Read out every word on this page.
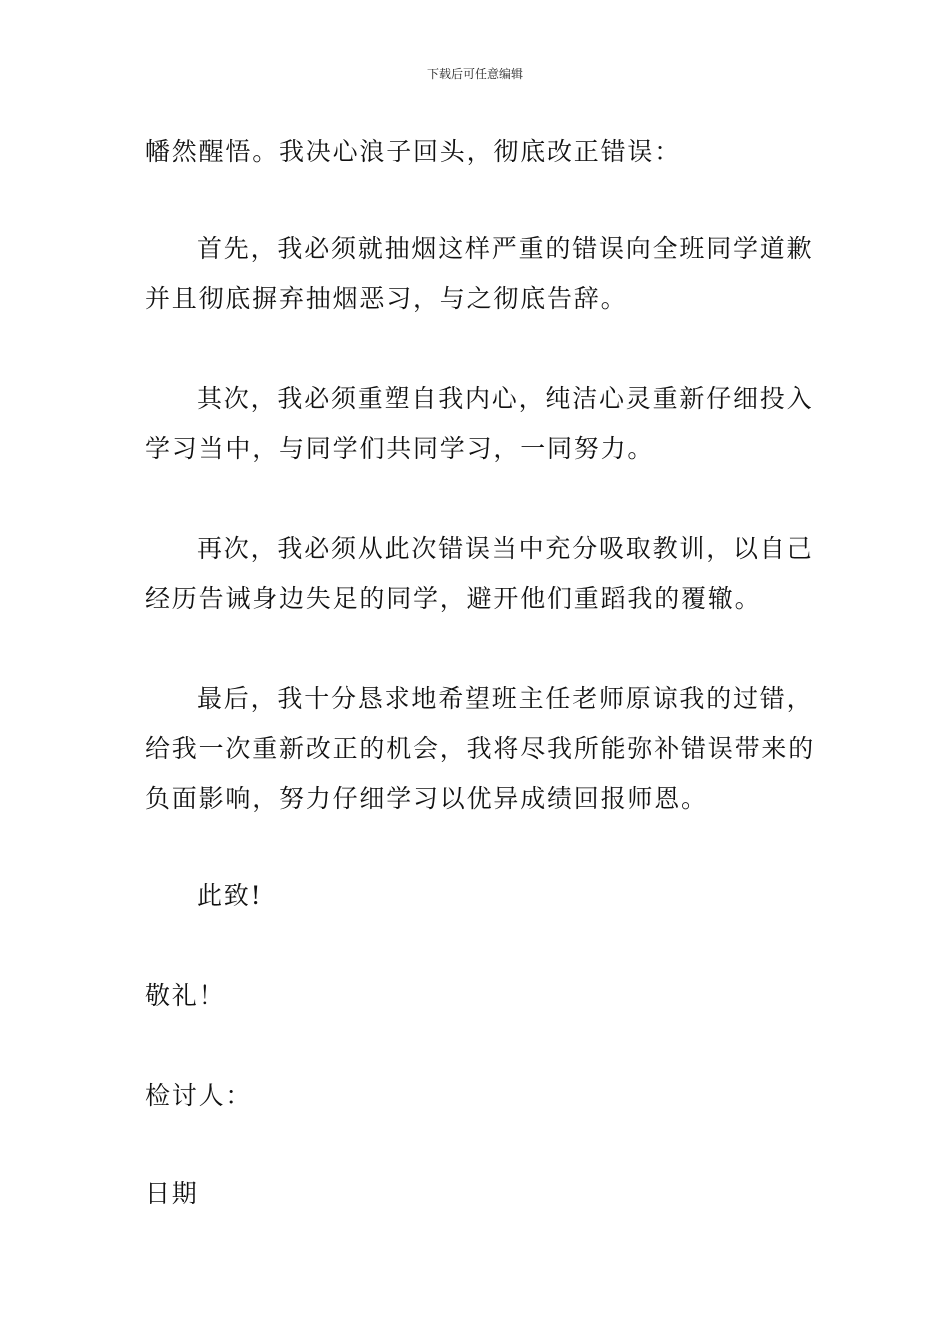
下载后可任意编辑
幡然醒悟。我决心浪子回头，彻底改正错误：
首先，我必须就抽烟这样严重的错误向全班同学道歉
并且彻底摒弃抽烟恶习，与之彻底告辞。
其次，我必须重塑自我内心，纯洁心灵重新仔细投入
学习当中，与同学们共同学习，一同努力。
再次，我必须从此次错误当中充分吸取教训，以自己
经历告诫身边失足的同学，避开他们重蹈我的覆辙。
最后，我十分恳求地希望班主任老师原谅我的过错，
给我一次重新改正的机会，我将尽我所能弥补错误带来的
负面影响，努力仔细学习以优异成绩回报师恩。
此致!
敬礼！
检讨人：
日期
